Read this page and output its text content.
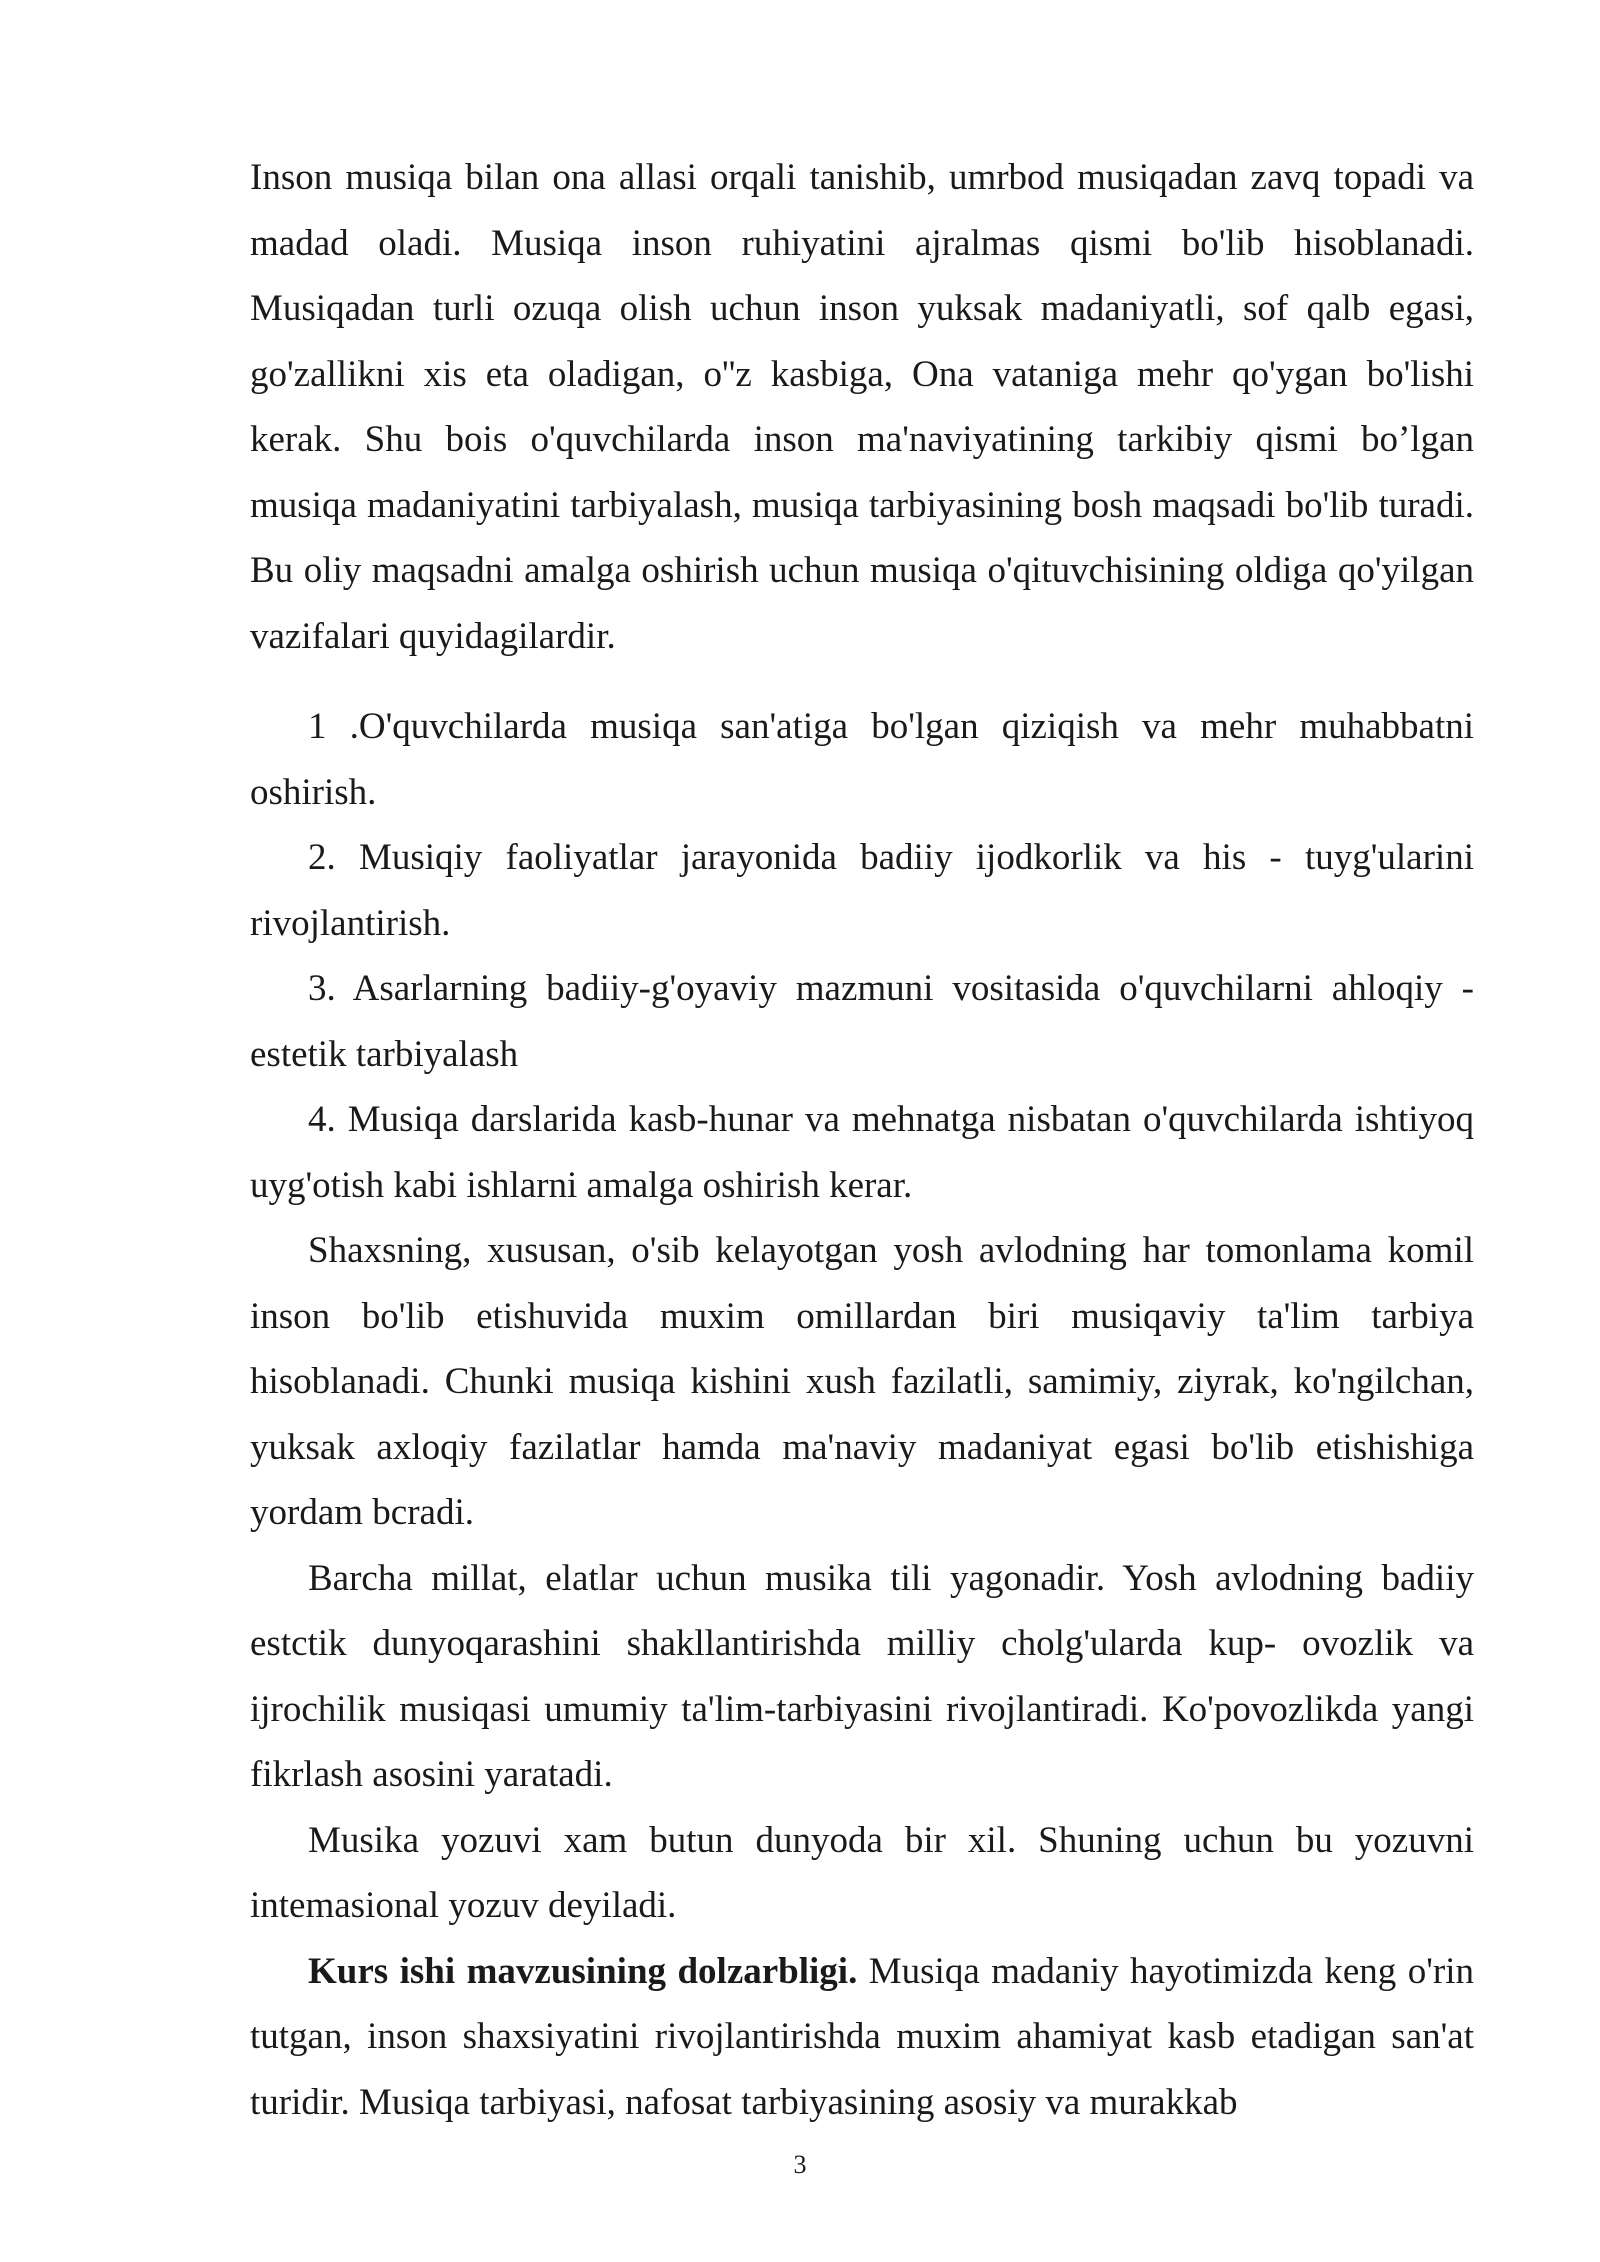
Inson musiqa bilan ona allasi orqali tanishib, umrbod musiqadan zavq topadi va madad oladi. Musiqa inson ruhiyatini ajralmas qismi bo'lib hisoblanadi. Musiqadan turli ozuqa olish uchun inson yuksak madaniyatli, sof qalb egasi, go'zallikni xis eta oladigan, o''z kasbiga, Ona vataniga mehr qo'ygan bo'lishi kerak. Shu bois o'quvchilarda inson ma'naviyatining tarkibiy qismi bo’lgan musiqa madaniyatini tarbiyalash, musiqa tarbiyasining bosh maqsadi bo'lib turadi. Bu oliy maqsadni amalga oshirish uchun musiqa o'qituvchisining oldiga qo'yilgan vazifalari quyidagilardir.

1 .O'quvchilarda musiqa san'atiga bo'lgan qiziqish va mehr muhabbatni oshirish.

2. Musiqiy faoliyatlar jarayonida badiiy ijodkorlik va his - tuyg'ularini rivojlantirish.

3. Asarlarning badiiy-g'oyaviy mazmuni vositasida o'quvchilarni ahloqiy - estetik tarbiyalash

4. Musiqa darslarida kasb-hunar va mehnatga nisbatan o'quvchilarda ishtiyoq uyg'otish kabi ishlarni amalga oshirish kerar.

Shaxsning, xususan, o'sib kelayotgan yosh avlodning har tomonlama komil inson bo'lib etishuvida muxim omillardan biri musiqaviy ta'lim tarbiya hisoblanadi. Chunki musiqa kishini xush fazilatli, samimiy, ziyrak, ko'ngilchan, yuksak axloqiy fazilatlar hamda ma'naviy madaniyat egasi bo'lib etishishiga yordam bcradi.

Barcha millat, elatlar uchun musika tili yagonadir. Yosh avlodning badiiy estctik dunyoqarashini shakllantirishda milliy cholg'ularda kup- ovozlik va ijrochilik musiqasi umumiy ta'lim-tarbiyasini rivojlantiradi. Ko'povozlikda yangi fikrlash asosini yaratadi.

Musika yozuvi xam butun dunyoda bir xil. Shuning uchun bu yozuvni intemasional yozuv deyiladi.

Kurs ishi mavzusining dolzarbligi. Musiqa madaniy hayotimizda keng o'rin tutgan, inson shaxsiyatini rivojlantirishda muxim ahamiyat kasb etadigan san'at turidir. Musiqa tarbiyasi, nafosat tarbiyasining asosiy va murakkab

3
